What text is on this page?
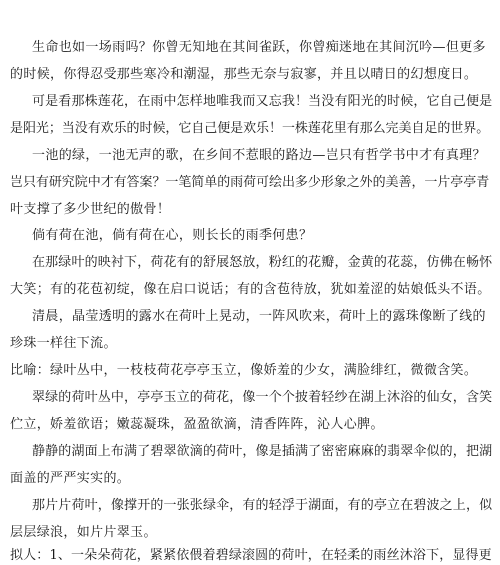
生命也如一场雨吗？你曾无知地在其间雀跃，你曾痴迷地在其间沉吟—但更多
的时候，你得忍受那些寒冷和潮湿，那些无奈与寂寥，并且以晴日的幻想度日。
可是看那株莲花，在雨中怎样地唯我而又忘我！当没有阳光的时候，它自己便是
是阳光；当没有欢乐的时候，它自己便是欢乐！一株莲花里有那么完美自足的世界。
一池的绿，一池无声的歌，在乡间不惹眼的路边—岂只有哲学书中才有真理？
岂只有研究院中才有答案？一笔简单的雨荷可绘出多少形象之外的美善，一片亭亭青
叶支撑了多少世纪的傲骨！
倘有荷在池，倘有荷在心，则长长的雨季何患？
在那绿叶的映衬下，荷花有的舒展怒放，粉红的花瓣，金黄的花蕊，仿佛在畅怀
大笑；有的花苞初绽，像在启口说话；有的含苞待放，犹如羞涩的姑娘低头不语。
清晨，晶莹透明的露水在荷叶上晃动，一阵风吹来，荷叶上的露珠像断了线的
珍珠一样往下流。
比喻：绿叶丛中，一枝枝荷花亭亭玉立，像娇羞的少女，满脸绯红，微微含笑。
翠绿的荷叶丛中，亭亭玉立的荷花，像一个个披着轻纱在湖上沐浴的仙女，含笑
伫立，娇羞欲语；嫩蕊凝珠，盈盈欲滴，清香阵阵，沁人心脾。
静静的湖面上布满了碧翠欲滴的荷叶，像是插满了密密麻麻的翡翠伞似的，把湖
面盖的严严实实的。
那片片荷叶，像撑开的一张张绿伞，有的轻浮于湖面，有的亭立在碧波之上，似
层层绿浪，如片片翠玉。
拟人：1、一朵朵荷花，紧紧依偎着碧绿滚圆的荷叶，在轻柔的雨丝沐浴下，显得更
